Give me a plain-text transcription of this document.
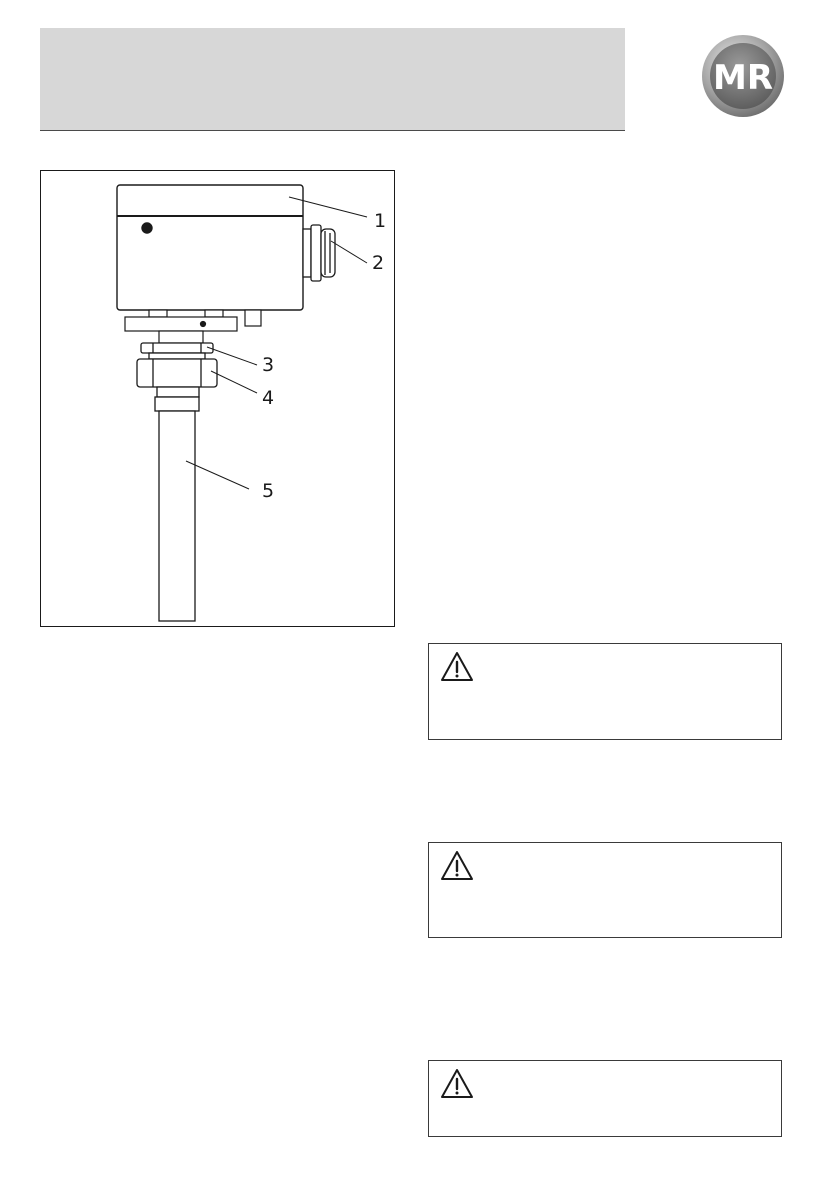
MR
1
2
3
4
5
